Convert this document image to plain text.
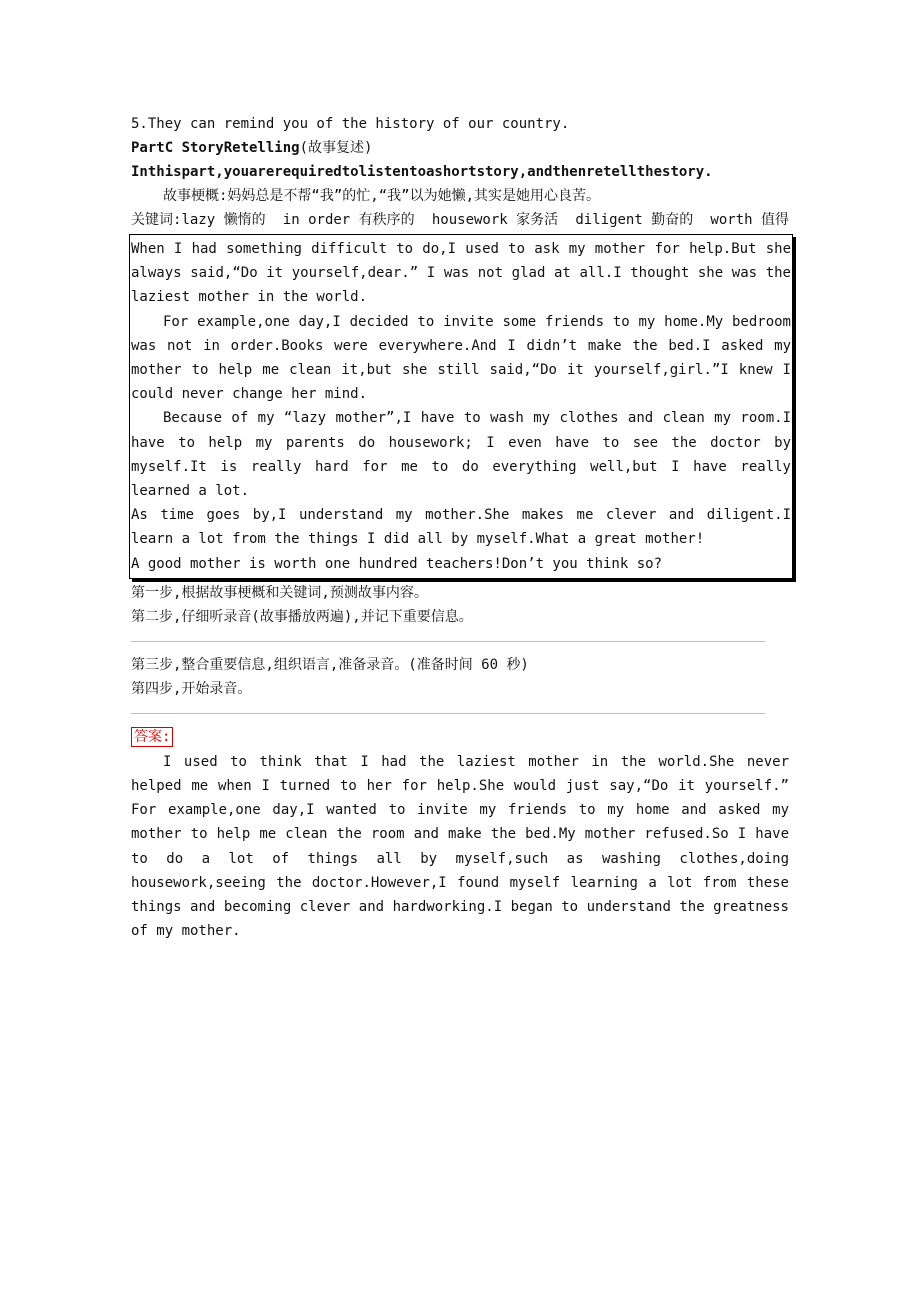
5.They can remind you of the history of our country.
PartC StoryRetelling(故事复述)
Inthispart,youarerequiredtolistentoashortstory,andthenretellthestory.
故事梗概:妈妈总是不帮“我”的忙,“我”以为她懒,其实是她用心良苦。
关键词:lazy 懒惰的 in order 有秩序的 housework 家务活 diligent 勤奋的 worth 值得

When I had something difficult to do,I used to ask my mother for help.But she always said,“Do it yourself,dear.” I was not glad at all.I thought she was the laziest mother in the world.

For example,one day,I decided to invite some friends to my home.My bedroom was not in order.Books were everywhere.And I didn’t make the bed.I asked my mother to help me clean it,but she still said,“Do it yourself,girl.”I knew I could never change her mind.

Because of my “lazy mother”,I have to wash my clothes and clean my room.I have to help my parents do housework; I even have to see the doctor by myself.It is really hard for me to do everything well,but I have really learned a lot.

As time goes by,I understand my mother.She makes me clever and diligent.I learn a lot from the things I did all by myself.What a great mother!

A good mother is worth one hundred teachers!Don’t you think so?

第一步,根据故事梗概和关键词,预测故事内容。
第二步,仔细听录音(故事播放两遍),并记下重要信息。
第三步,整合重要信息,组织语言,准备录音。(准备时间 60 秒)
第四步,开始录音。
答案:

I used to think that I had the laziest mother in the world.She never helped me when I turned to her for help.She would just say,“Do it yourself.” For example,one day,I wanted to invite my friends to my home and asked my mother to help me clean the room and make the bed.My mother refused.So I have to do a lot of things all by myself,such as washing clothes,doing housework,seeing the doctor.However,I found myself learning a lot from these things and becoming clever and hardworking.I began to understand the greatness of my mother.
